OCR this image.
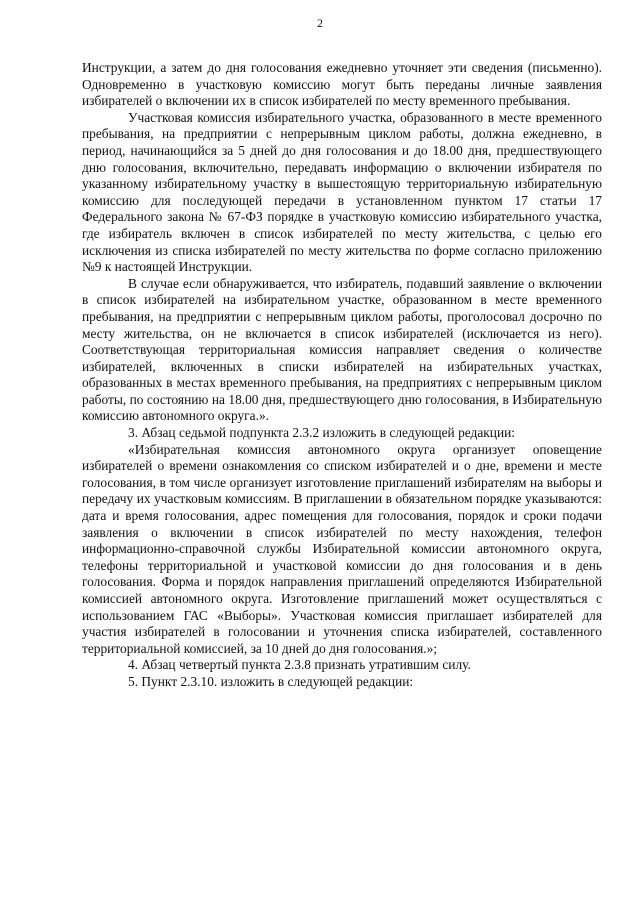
2

Инструкции, а затем до дня голосования ежедневно уточняет эти сведения (письменно). Одновременно в участковую комиссию могут быть переданы личные заявления избирателей о включении их в список избирателей по месту временного пребывания.

Участковая комиссия избирательного участка, образованного в месте временного пребывания, на предприятии с непрерывным циклом работы, должна ежедневно, в период, начинающийся за 5 дней до дня голосования и до 18.00 дня, предшествующего дню голосования, включительно, передавать информацию о включении избирателя по указанному избирательному участку в вышестоящую территориальную избирательную комиссию для последующей передачи в установленном пунктом 17 статьи 17 Федерального закона № 67-ФЗ порядке в участковую комиссию избирательного участка, где избиратель включен в список избирателей по месту жительства, с целью его исключения из списка избирателей по месту жительства по форме согласно приложению №9 к настоящей Инструкции.

В случае если обнаруживается, что избиратель, подавший заявление о включении в список избирателей на избирательном участке, образованном в месте временного пребывания, на предприятии с непрерывным циклом работы, проголосовал досрочно по месту жительства, он не включается в список избирателей (исключается из него). Соответствующая территориальная комиссия направляет сведения о количестве избирателей, включенных в списки избирателей на избирательных участках, образованных в местах временного пребывания, на предприятиях с непрерывным циклом работы, по состоянию на 18.00 дня, предшествующего дню голосования, в Избирательную комиссию автономного округа.».

3. Абзац седьмой подпункта 2.3.2 изложить в следующей редакции:

«Избирательная комиссия автономного округа организует оповещение избирателей о времени ознакомления со списком избирателей и о дне, времени и месте голосования, в том числе организует изготовление приглашений избирателям на выборы и передачу их участковым комиссиям. В приглашении в обязательном порядке указываются: дата и время голосования, адрес помещения для голосования, порядок и сроки подачи заявления о включении в список избирателей по месту нахождения, телефон информационно-справочной службы Избирательной комиссии автономного округа, телефоны территориальной и участковой комиссии до дня голосования и в день голосования. Форма и порядок направления приглашений определяются Избирательной комиссией автономного округа. Изготовление приглашений может осуществляться с использованием ГАС «Выборы». Участковая комиссия приглашает избирателей для участия избирателей в голосовании и уточнения списка избирателей, составленного территориальной комиссией, за 10 дней до дня голосования.»;

4. Абзац четвертый пункта 2.3.8 признать утратившим силу.

5. Пункт 2.3.10. изложить в следующей редакции:
